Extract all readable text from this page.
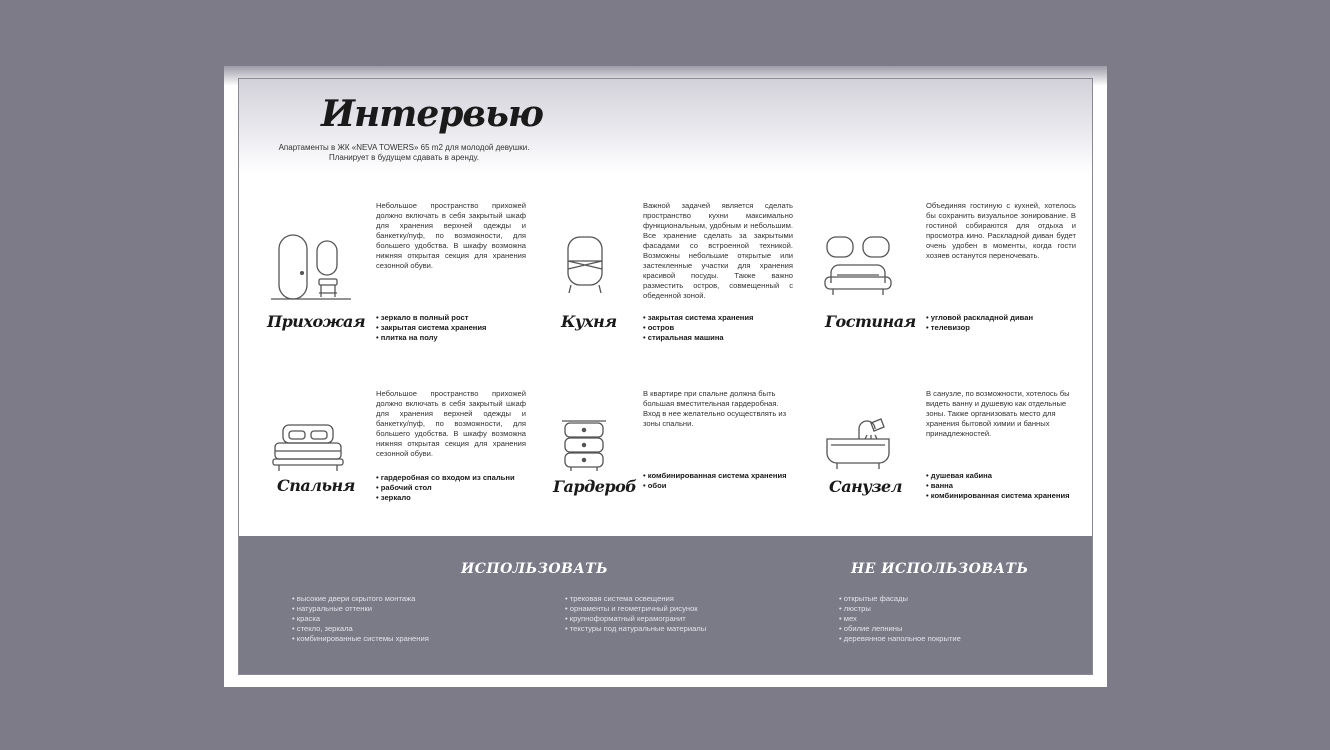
Интервью
Апартаменты в ЖК «NEVA TOWERS» 65 m2 для молодой девушки.
Планирует в будущем сдавать в аренду.
Прихожая
Небольшое пространство прихожей должно включать в себя закрытый шкаф для хранения верхней одежды и банкетку/пуф, по возможности, для большего удобства. В шкафу возможна нижняя открытая секция для хранения сезонной обуви.
• зеркало в полный рост
• закрытая система хранения
• плитка на полу
Кухня
Важной задачей является сделать пространство кухни максимально функциональным, удобным и небольшим. Все хранение сделать за закрытыми фасадами со встроенной техникой. Возможны небольшие открытые или застекленные участки для хранения красивой посуды. Также важно разместить остров, совмещенный с обеденной зоной.
• закрытая система хранения
• остров
• стиральная машина
Гостиная
Объединяя гостиную с кухней, хотелось бы сохранить визуальное зонирование. В гостиной собираются для отдыха и просмотра кино. Раскладной диван будет очень удобен в моменты, когда гости хозяев останутся переночевать.
• угловой раскладной диван
• телевизор
Спальня
Небольшое пространство прихожей должно включать в себя закрытый шкаф для хранения верхней одежды и банкетку/пуф, по возможности, для большего удобства. В шкафу возможна нижняя открытая секция для хранения сезонной обуви.
• гардеробная со входом из спальни
• рабочий стол
• зеркало
Гардероб
В квартире при спальне должна быть большая вместительная гардеробная. Вход в нее желательно осуществлять из зоны спальни.
• комбинированная система хранения
• обои	Санузел
В санузле, по возможности, хотелось бы видеть ванну и душевую как отдельные зоны. Также организовать место для хранения бытовой химии и банных принадлежностей.
• душевая кабина
• ванна
• комбинированная система хранения
ИСПОЛЬЗОВАТЬ
• высокие двери скрытого монтажа
• натуральные оттенки
• краска
• стекло, зеркала
• комбинированные системы хранения
• трековая система освещения
• орнаменты и геометричный рисунок
• крупноформатный керамогранит
• текстуры под натуральные материалы
НЕ ИСПОЛЬЗОВАТЬ
• открытые фасады
• люстры
• мех
• обилие лепнины
• деревянное напольное покрытие
